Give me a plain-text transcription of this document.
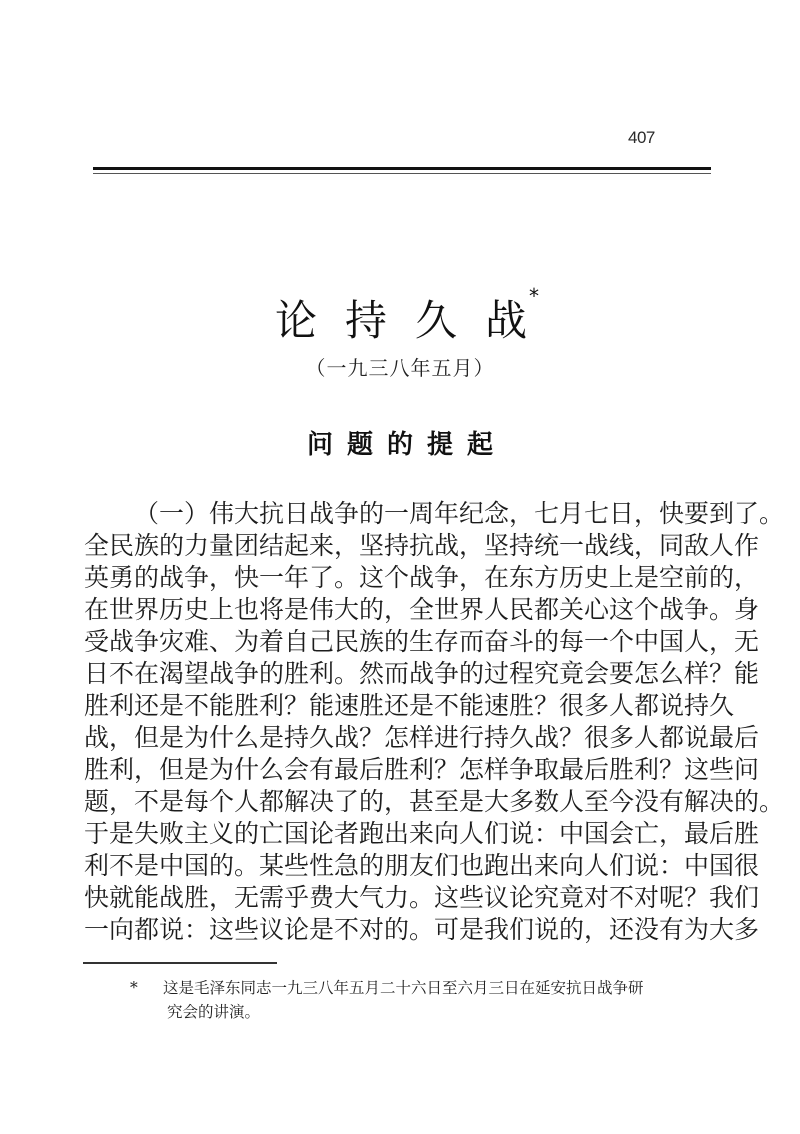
407
论 持 久 战 *
（一九三八年五月）
问题的提起
（一）伟大抗日战争的一周年纪念，七月七日，快要到了。
全民族的力量团结起来，坚持抗战，坚持统一战线，同敌人作
英勇的战争，快一年了。这个战争，在东方历史上是空前的，
在世界历史上也将是伟大的，全世界人民都关心这个战争。身
受战争灾难、为着自己民族的生存而奋斗的每一个中国人，无
日不在渴望战争的胜利。然而战争的过程究竟会要怎么样？能
胜利还是不能胜利？能速胜还是不能速胜？很多人都说持久
战，但是为什么是持久战？怎样进行持久战？很多人都说最后
胜利，但是为什么会有最后胜利？怎样争取最后胜利？这些问
题，不是每个人都解决了的，甚至是大多数人至今没有解决的。
于是失败主义的亡国论者跑出来向人们说：中国会亡，最后胜
利不是中国的。某些性急的朋友们也跑出来向人们说：中国很
快就能战胜，无需乎费大气力。这些议论究竟对不对呢？我们
一向都说：这些议论是不对的。可是我们说的，还没有为大多
*	这是毛泽东同志一九三八年五月二十六日至六月三日在延安抗日战争研
究会的讲演。
